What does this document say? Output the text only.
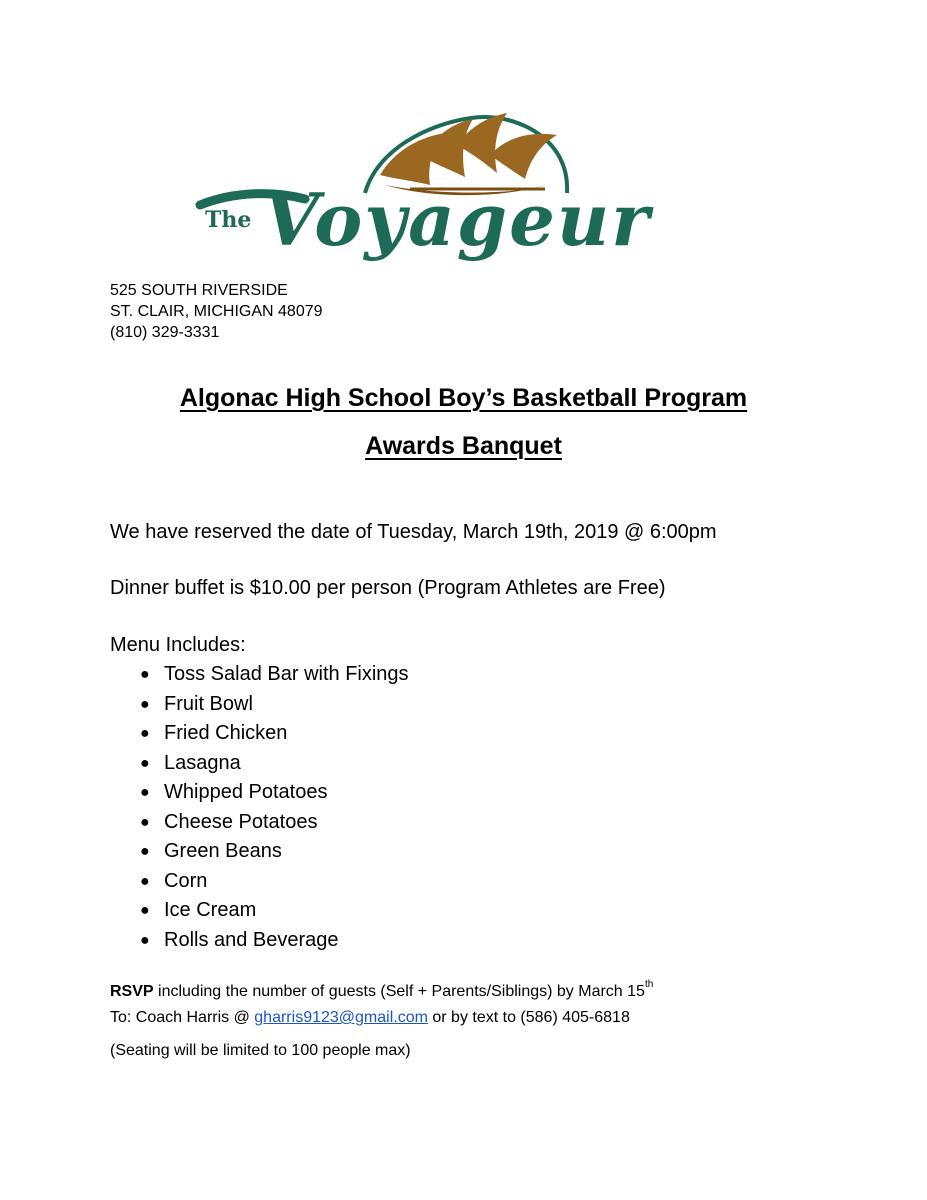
The Voyageur
525 SOUTH RIVERSIDE
ST. CLAIR, MICHIGAN 48079
(810) 329-3331
Algonac High School Boy’s Basketball Program
Awards Banquet
We have reserved the date of Tuesday, March 19th, 2019 @ 6:00pm
Dinner buffet is $10.00 per person (Program Athletes are Free)
Menu Includes:
● Toss Salad Bar with Fixings
● Fruit Bowl
● Fried Chicken
● Lasagna
● Whipped Potatoes
● Cheese Potatoes
● Green Beans
● Corn
● Ice Cream
● Rolls and Beverage
RSVP including the number of guests (Self + Parents/Siblings) by March 15th
To: Coach Harris @ gharris9123@gmail.com or by text to (586) 405-6818
(Seating will be limited to 100 people max)
